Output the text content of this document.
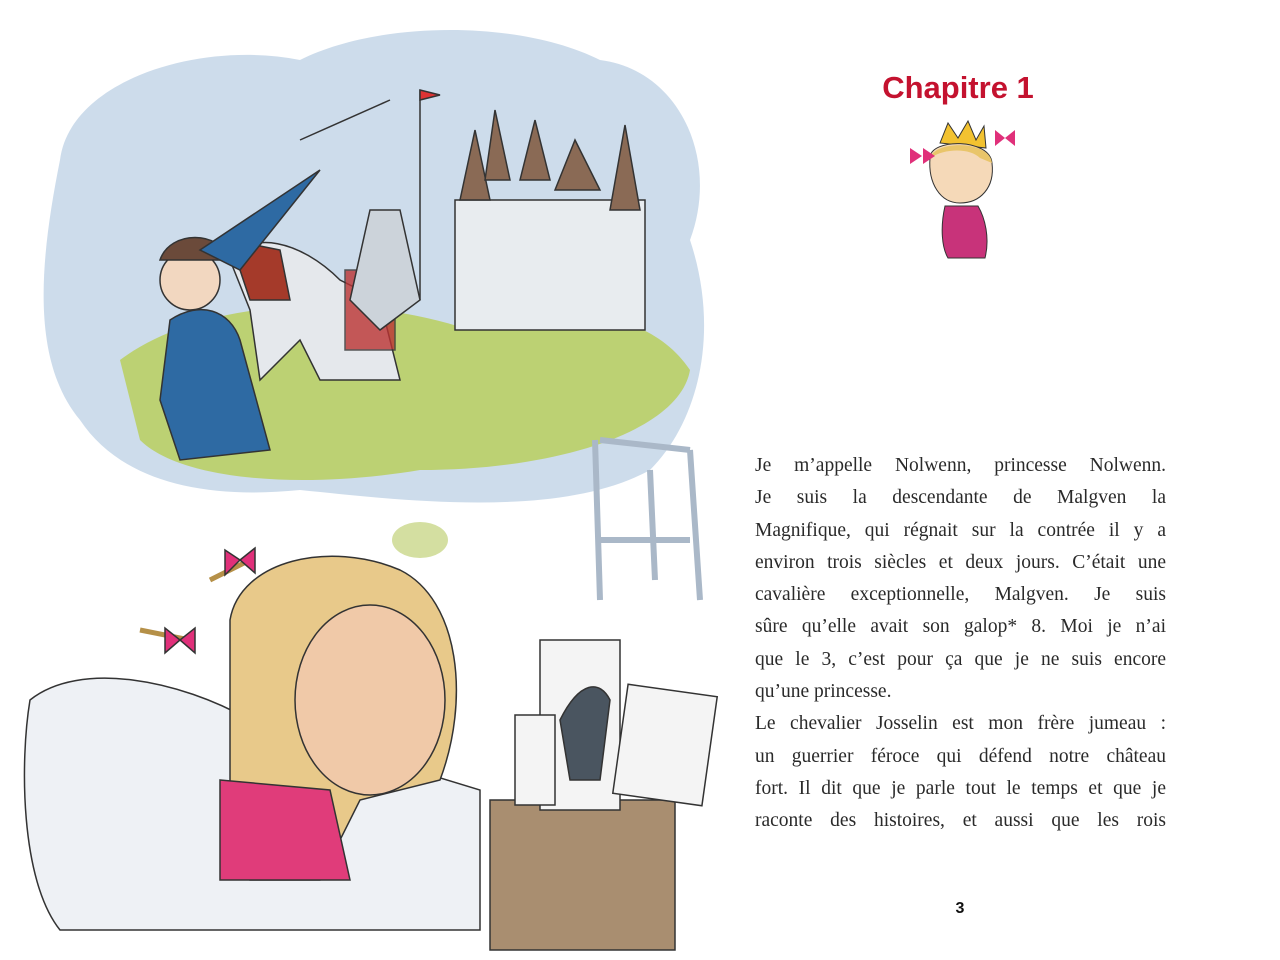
Chapitre 1
Je m’appelle Nolwenn, princesse Nolwenn.
Je suis la descendante de Malgven la
Magnifique, qui régnait sur la contrée il y a
environ trois siècles et deux jours. C’était une
cavalière exceptionnelle, Malgven. Je suis
sûre qu’elle avait son galop* 8. Moi je n’ai
que le 3, c’est pour ça que je ne suis encore
qu’une princesse.
Le chevalier Josselin est mon frère jumeau :
un guerrier féroce qui défend notre château
fort. Il dit que je parle tout le temps et que je
raconte des histoires, et aussi que les rois
3
